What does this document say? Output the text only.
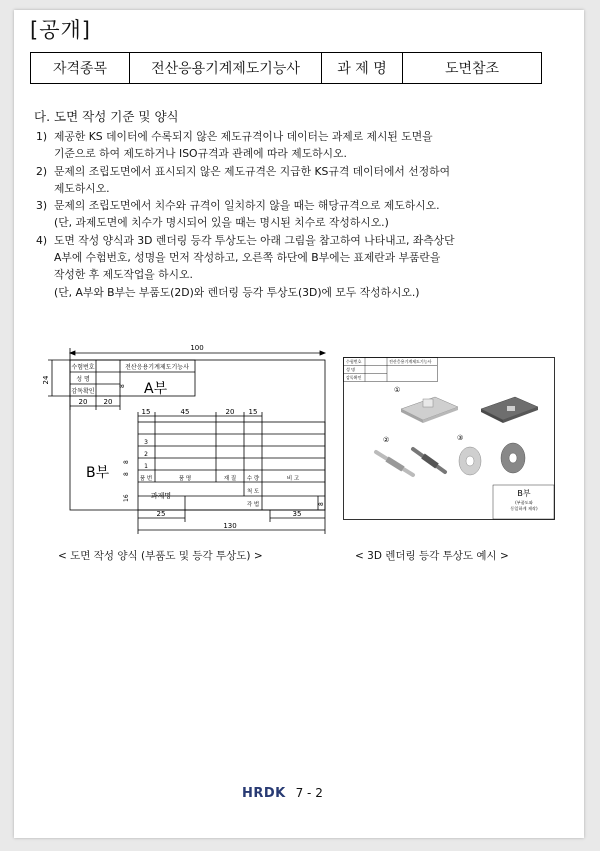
[공개]
자격종목	전산응용기계제도기능사	과 제 명	도면참조
다. 도면 작성 기준 및 양식
1) 제공한 KS 데이터에 수록되지 않은 제도규격이나 데이터는 과제로 제시된 도면을
기준으로 하여 제도하거나 ISO규격과 관례에 따라 제도하시오.
2) 문제의 조립도면에서 표시되지 않은 제도규격은 지급한 KS규격 데이터에서 선정하여
제도하시오.
3) 문제의 조립도면에서 치수와 규격이 일치하지 않을 때는 해당규격으로 제도하시오.
(단, 과제도면에 치수가 명시되어 있을 때는 명시된 치수로 작성하시오.)
4) 도면 작성 양식과 3D 렌더링 등각 투상도는 아래 그림을 참고하여 나타내고, 좌측상단
A부에 수험번호, 성명을 먼저 작성하고, 오른쪽 하단에 B부에는 표제란과 부품란을
작성한 후 제도작업을 하시오.
(단, A부와 B부는 부품도(2D)와 렌더링 등각 투상도(3D)에 모두 작성하시오.)
100
24
수험번호
성 명
감독확인
전산응용기계제도기능사
8 A부
20 20
15	45	20 15
3
2
1
B부 8
8
16
품 번	품 명	재 질 수 량	비 고
과제명	척 도
각 법	8
25	35
130
수험번호
성 명
감독확인
전산응용기계제도기능사
①
②	③
B부
(부품도와
동일하게 제작)
< 도면 작성 양식 (부품도 및 등각 투상도) >	< 3D 렌더링 등각 투상도 예시 >
HRDK 7 - 2
